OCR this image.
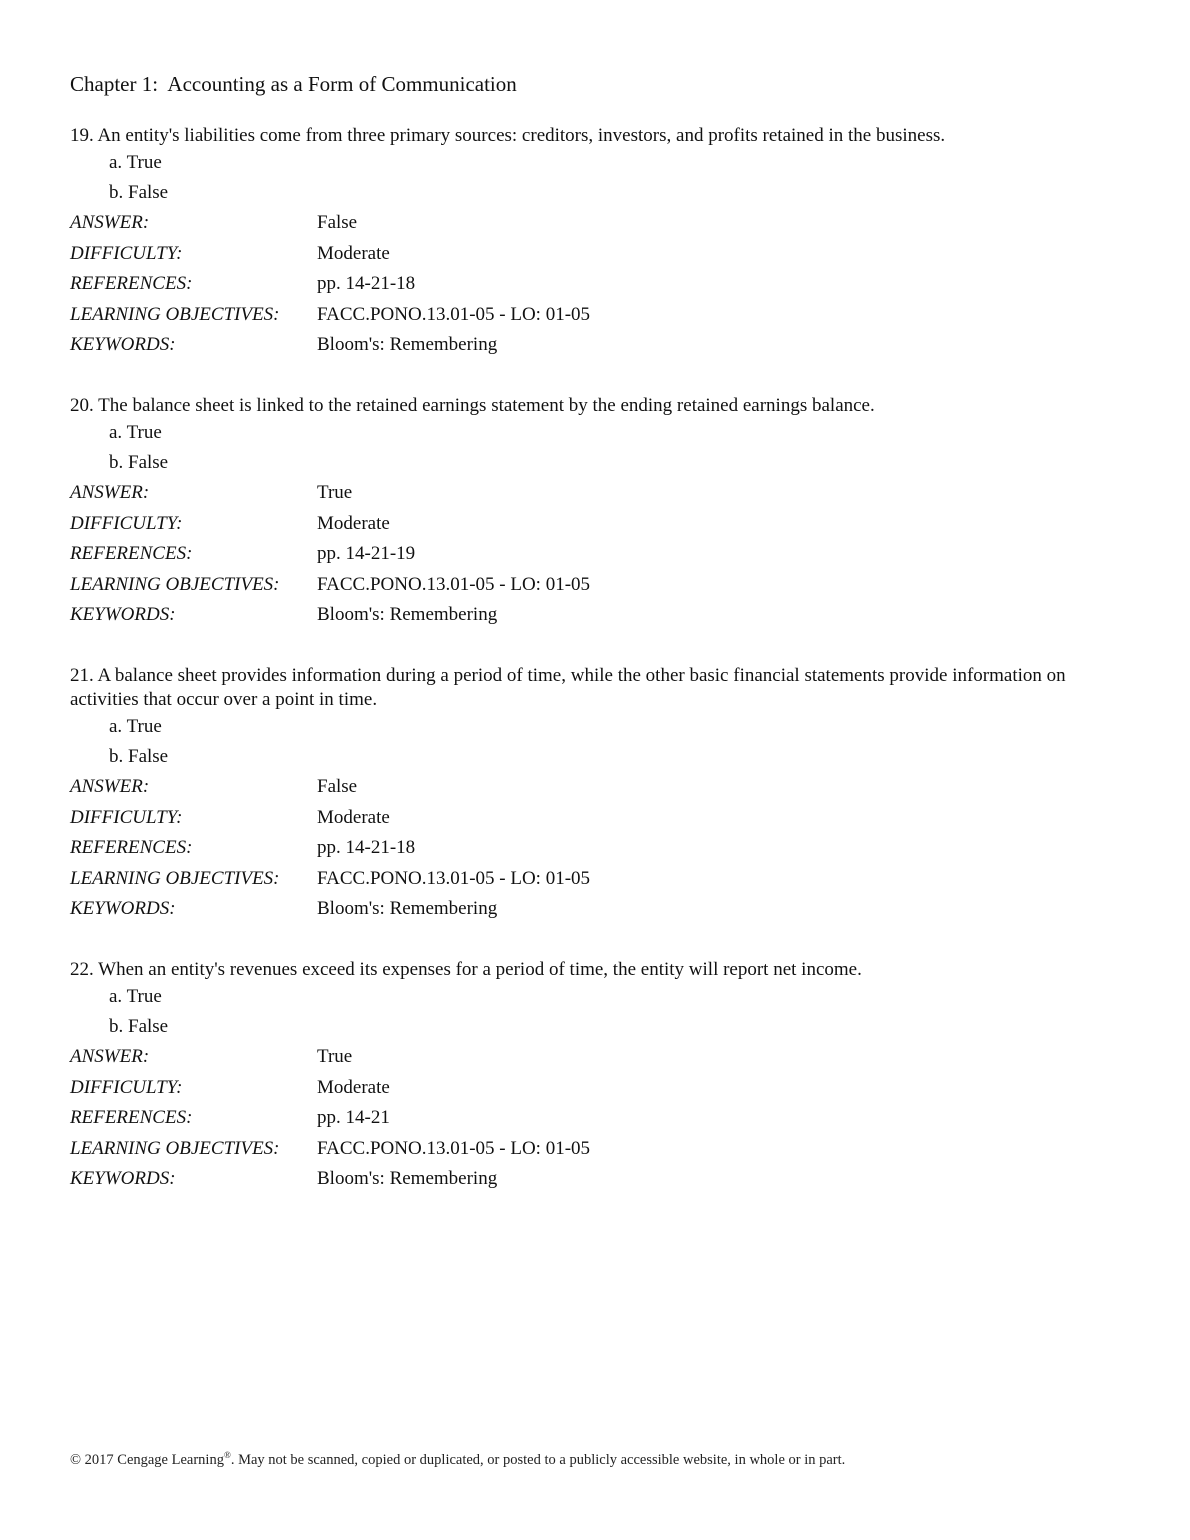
Chapter 1:  Accounting as a Form of Communication

19. An entity's liabilities come from three primary sources: creditors, investors, and profits retained in the business.

a. True
b. False
ANSWER:	False
DIFFICULTY:	Moderate
REFERENCES:	pp. 14-21-18
LEARNING OBJECTIVES:	FACC.PONO.13.01-05 - LO: 01-05
KEYWORDS:	Bloom's: Remembering

20. The balance sheet is linked to the retained earnings statement by the ending retained earnings balance.

a. True
b. False
ANSWER:	True
DIFFICULTY:	Moderate
REFERENCES:	pp. 14-21-19
LEARNING OBJECTIVES:	FACC.PONO.13.01-05 - LO: 01-05
KEYWORDS:	Bloom's: Remembering

21. A balance sheet provides information during a period of time, while the other basic financial statements provide information on activities that occur over a point in time.

a. True
b. False
ANSWER:	False
DIFFICULTY:	Moderate
REFERENCES:	pp. 14-21-18
LEARNING OBJECTIVES:	FACC.PONO.13.01-05 - LO: 01-05
KEYWORDS:	Bloom's: Remembering

22. When an entity's revenues exceed its expenses for a period of time, the entity will report net income.

a. True
b. False
ANSWER:	True
DIFFICULTY:	Moderate
REFERENCES:	pp. 14-21
LEARNING OBJECTIVES:	FACC.PONO.13.01-05 - LO: 01-05
KEYWORDS:	Bloom's: Remembering
© 2017 Cengage Learning®. May not be scanned, copied or duplicated, or posted to a publicly accessible website, in whole or in part.
